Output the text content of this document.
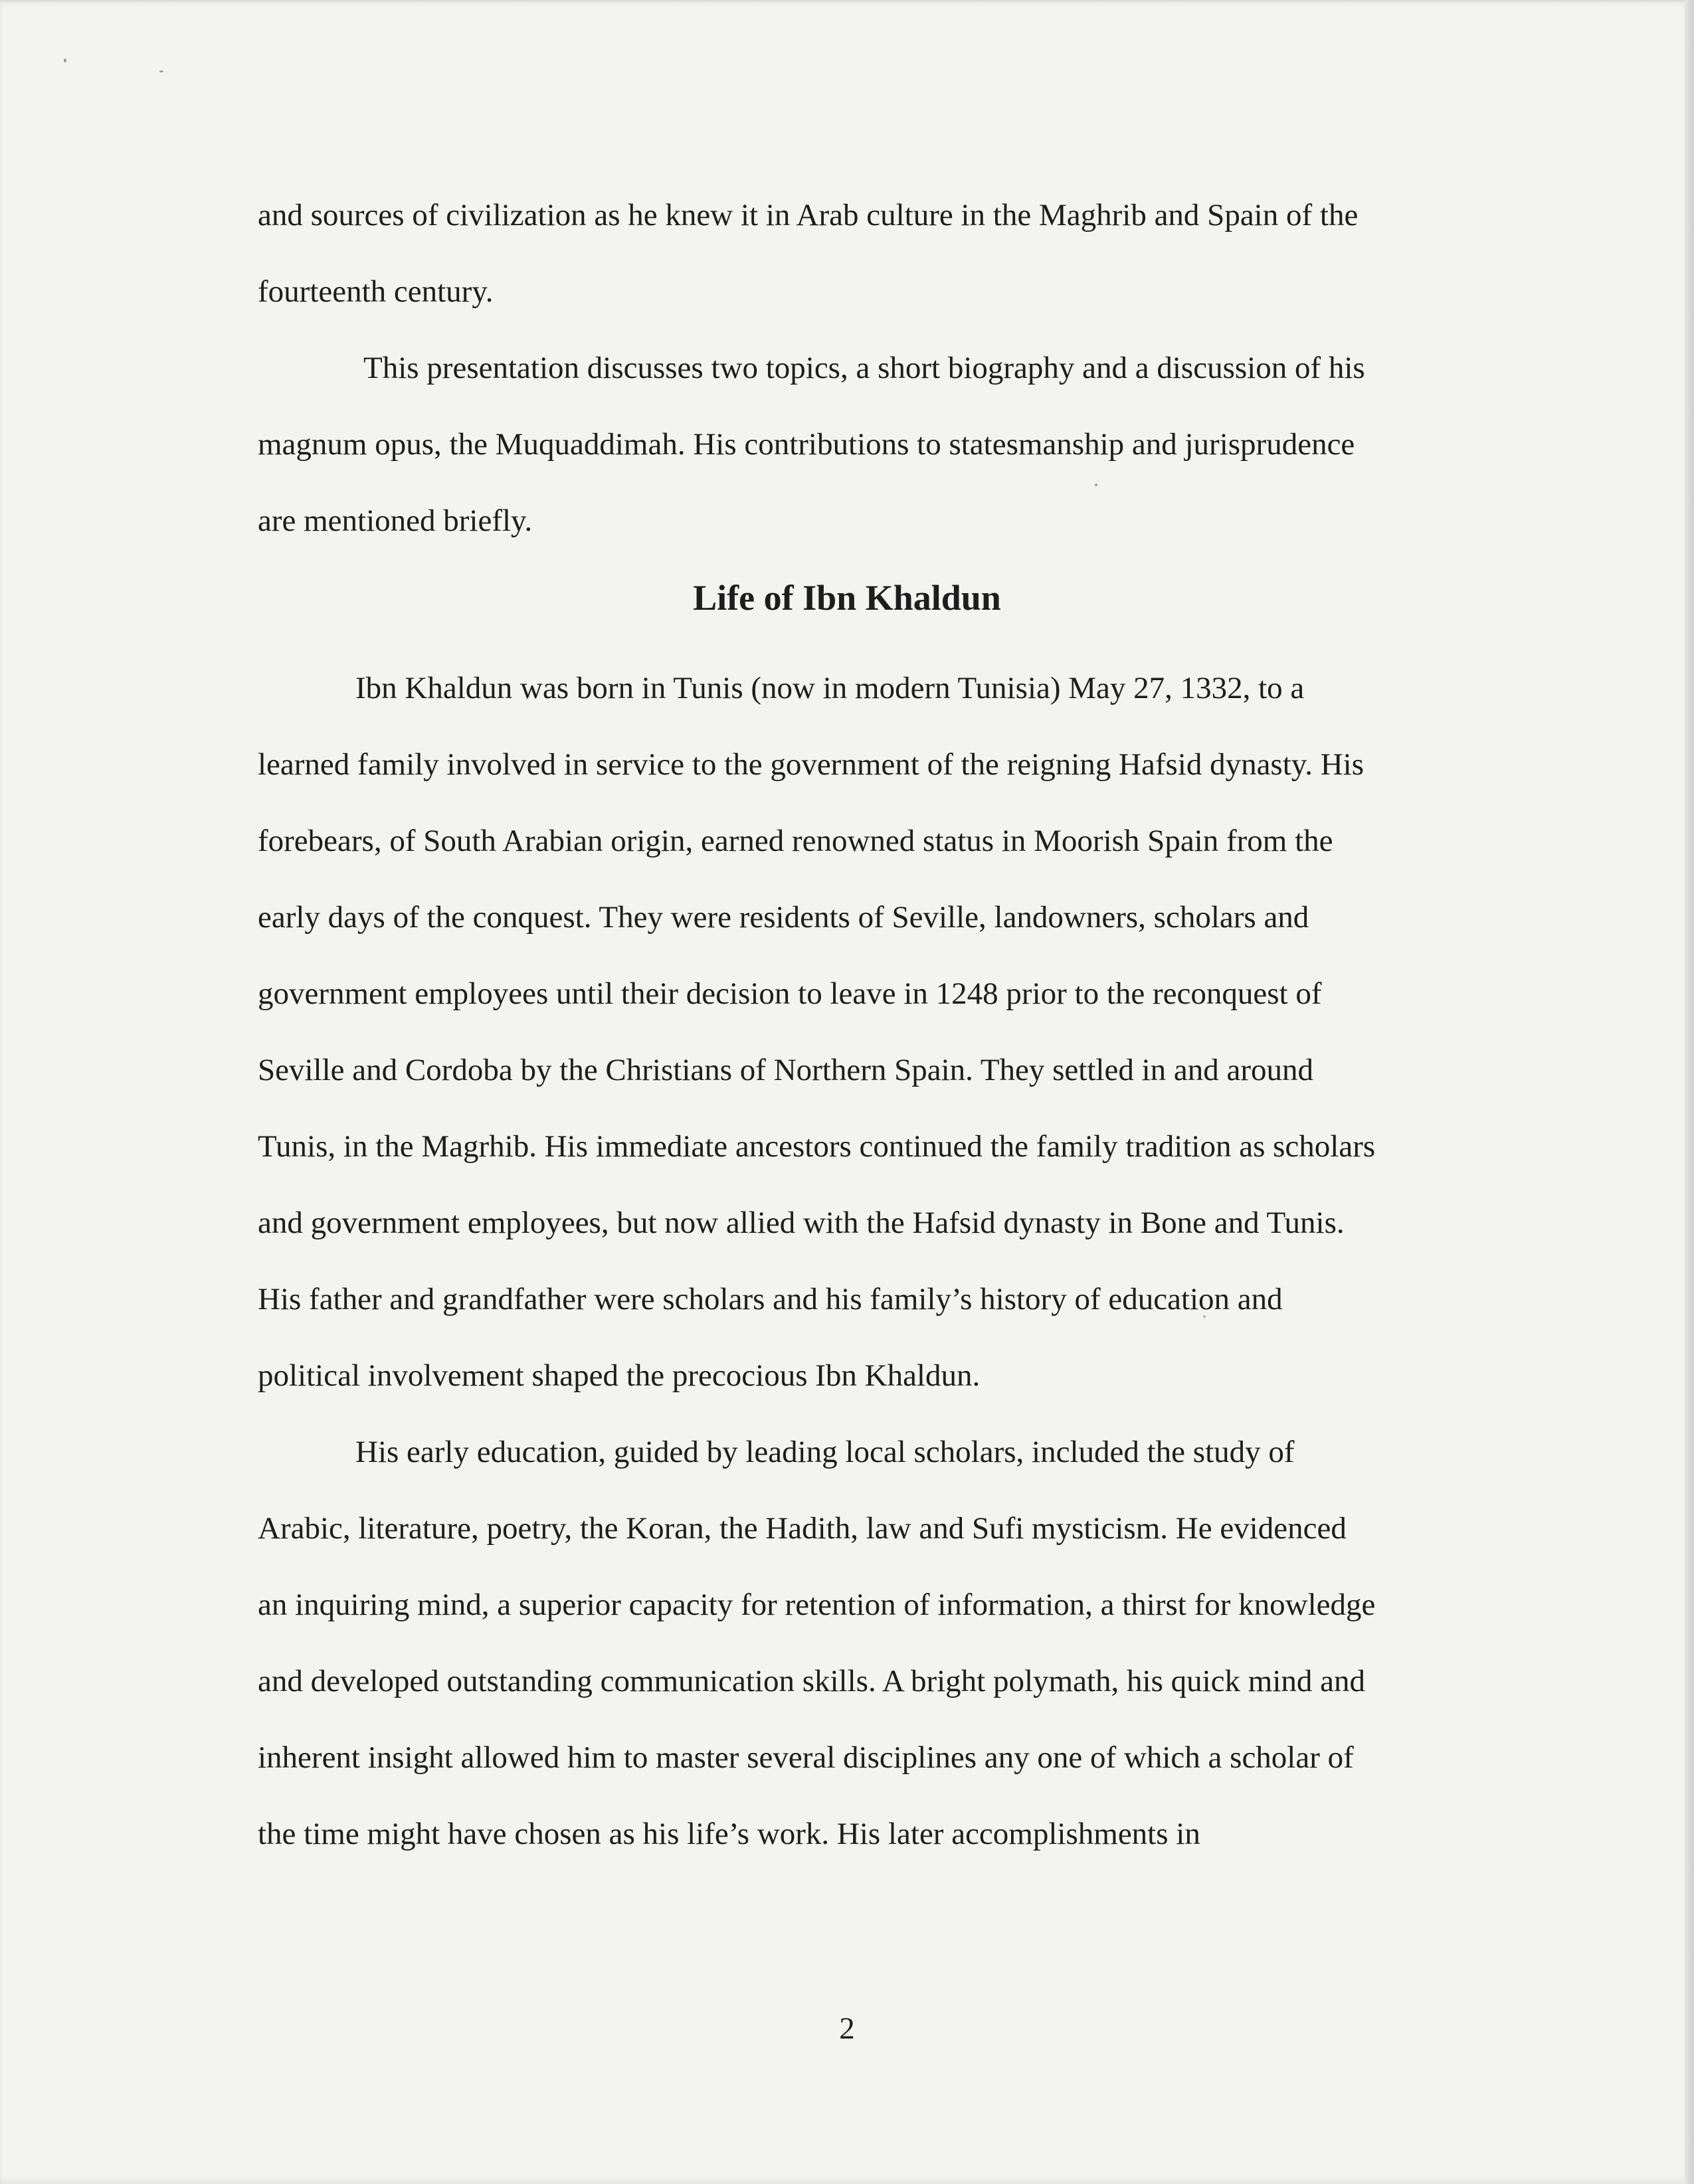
and sources of civilization as he knew it in Arab culture in the Maghrib and Spain of the

fourteenth century.

This presentation discusses two topics, a short biography and a discussion of his

magnum opus, the Muquaddimah. His contributions to statesmanship and jurisprudence

are mentioned briefly.

Life of Ibn Khaldun

Ibn Khaldun was born in Tunis (now in modern Tunisia) May 27, 1332, to a

learned family involved in service to the government of the reigning Hafsid dynasty. His

forebears, of South Arabian origin, earned renowned status in Moorish Spain from the

early days of the conquest. They were residents of Seville, landowners, scholars and

government employees until their decision to leave in 1248 prior to the reconquest of

Seville and Cordoba by the Christians of Northern Spain. They settled in and around

Tunis, in the Magrhib. His immediate ancestors continued the family tradition as scholars

and government employees, but now allied with the Hafsid dynasty in Bone and Tunis.

His father and grandfather were scholars and his family’s history of education and

political involvement shaped the precocious Ibn Khaldun.

His early education, guided by leading local scholars, included the study of

Arabic, literature, poetry, the Koran, the Hadith, law and Sufi mysticism. He evidenced

an inquiring mind, a superior capacity for retention of information, a thirst for knowledge

and developed outstanding communication skills. A bright polymath, his quick mind and

inherent insight allowed him to master several disciplines any one of which a scholar of

the time might have chosen as his life’s work. His later accomplishments in

2
